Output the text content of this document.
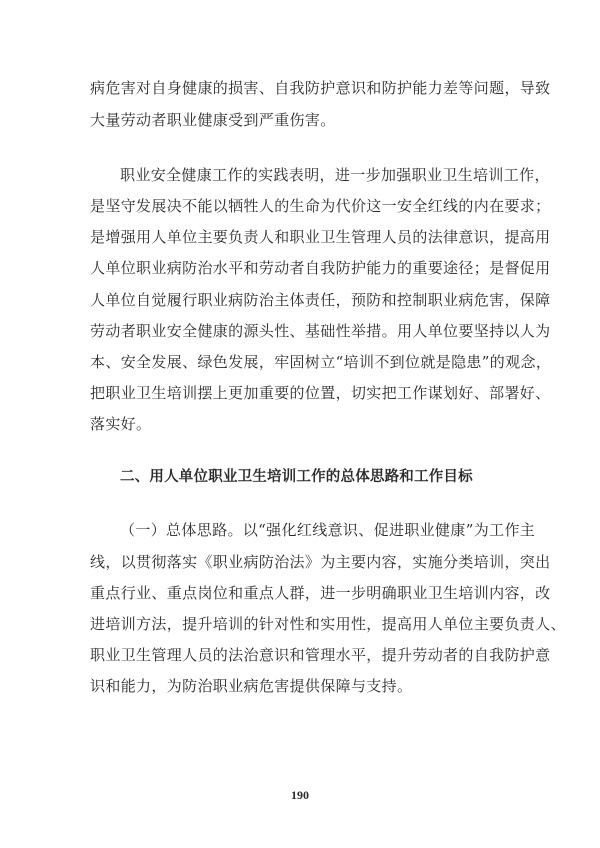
病危害对自身健康的损害、自我防护意识和防护能力差等问题，导致
大量劳动者职业健康受到严重伤害。
职业安全健康工作的实践表明，进一步加强职业卫生培训工作，
是坚守发展决不能以牺牲人的生命为代价这一安全红线的内在要求；
是增强用人单位主要负责人和职业卫生管理人员的法律意识，提高用
人单位职业病防治水平和劳动者自我防护能力的重要途径；是督促用
人单位自觉履行职业病防治主体责任，预防和控制职业病危害，保障
劳动者职业安全健康的源头性、基础性举措。用人单位要坚持以人为
本、安全发展、绿色发展，牢固树立“培训不到位就是隐患”的观念，
把职业卫生培训摆上更加重要的位置，切实把工作谋划好、部署好、
落实好。
二、用人单位职业卫生培训工作的总体思路和工作目标
（一）总体思路。以“强化红线意识、促进职业健康”为工作主
线，以贯彻落实《职业病防治法》为主要内容，实施分类培训，突出
重点行业、重点岗位和重点人群，进一步明确职业卫生培训内容，改
进培训方法，提升培训的针对性和实用性，提高用人单位主要负责人、
职业卫生管理人员的法治意识和管理水平，提升劳动者的自我防护意
识和能力，为防治职业病危害提供保障与支持。
190
